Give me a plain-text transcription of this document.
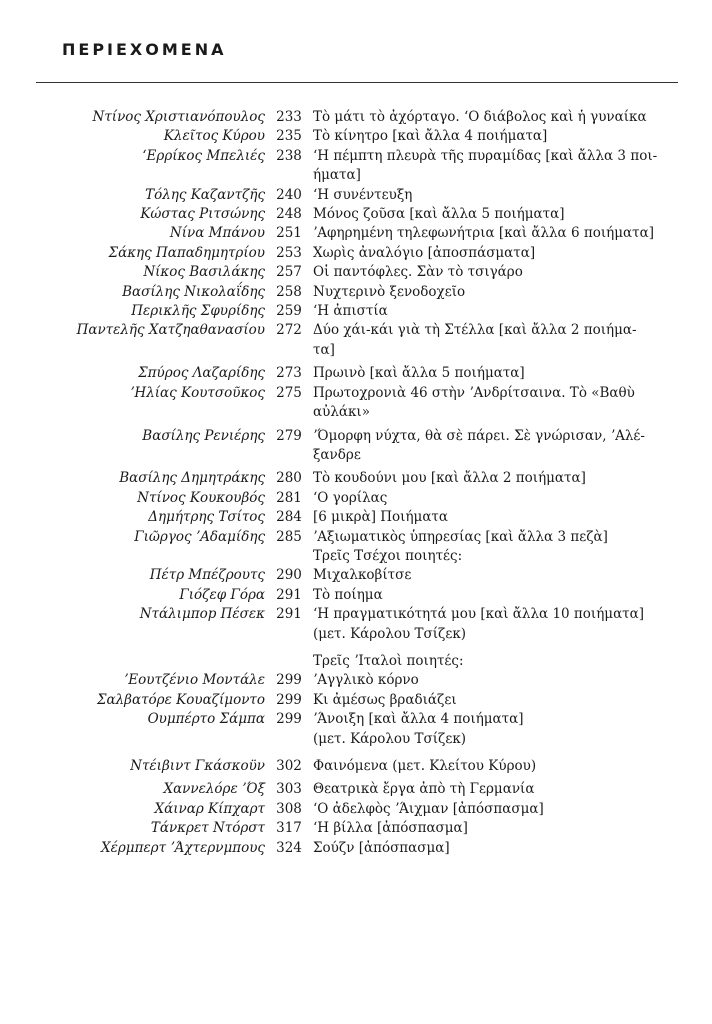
ΠΕΡΙΕΧΟΜΕΝΑ
Ντίνος Χριστιανόπουλος 233 Τὸ μάτι τὸ ἀχόρταγο. ʻΟ διάβολος καὶ ἡ γυναίκα
Κλεῖτος Κύρου 235 Τὸ κίνητρο [καὶ ἄλλα 4 ποιήματα]
ʻΕρρίκος Μπελιές 238 ʻΗ πέμπτη πλευρὰ τῆς πυραμίδας [καὶ ἄλλα 3 ποι-
ήματα]
Τόλης Καζαντζῆς 240 ʻΗ συνέντευξη
Κώστας Ριτσώνης 248 Μόνος ζοῦσα [καὶ ἄλλα 5 ποιήματα]
Νίνα Μπάνου 251 ʼΑφηρημένη τηλεφωνήτρια [καὶ ἄλλα 6 ποιήματα]
Σάκης Παπαδημητρίου 253 Χωρὶς ἀναλόγιο [ἀποσπάσματα]
Νίκος Βασιλάκης 257 Οἱ παντόφλες. Σὰν τὸ τσιγάρο
Βασίλης Νικολαΐδης 258 Νυχτερινὸ ξενοδοχεῖο
Περικλῆς Σφυρίδης 259 ʻΗ ἀπιστία
Παντελῆς Χατζηαθανασίου 272 Δύο χάι-κάι γιὰ τὴ Στέλλα [καὶ ἄλλα 2 ποιήμα-
τα]
Σπύρος Λαζαρίδης 273 Πρωινὸ [καὶ ἄλλα 5 ποιήματα]
ʼΗλίας Κουτσοῦκος 275 Πρωτοχρονιὰ 46 στὴν ʼΑνδρίτσαινα. Τὸ «Βαθὺ
αὐλάκι»
Βασίλης Ρενιέρης 279 ʼΌμορφη νύχτα, θὰ σὲ πάρει. Σὲ γνώρισαν, ʼΑλέ-
ξανδρε
Βασίλης Δημητράκης 280 Τὸ κουδούνι μου [καὶ ἄλλα 2 ποιήματα]
Ντίνος Κουκουβός 281 ʻΟ γορίλας
Δημήτρης Τσίτος 284 [6 μικρὰ] Ποιήματα
Γιῶργος ʼΑδαμίδης 285 ʼΑξιωματικὸς ὑπηρεσίας [καὶ ἄλλα 3 πεζὰ]
Τρεῖς Τσέχοι ποιητές:
Πέτρ Μπέζρουτς 290 Μιχαλκοβίτσε
Γιόζεφ Γόρα 291 Τὸ ποίημα
Ντάλιμποp Πέσεκ 291 ʻΗ πραγματικότητά μου [καὶ ἄλλα 10 ποιήματα]
(μετ. Κάρολου Τσίζεκ)
Τρεῖς ʼΙταλοὶ ποιητές:
ʼΕουτζένιο Μοντάλε 299 ʼΑγγλικὸ κόρνο
Σαλβατόρε Κουαζίμοντο 299 Κι ἀμέσως βραδιάζει
Ουμπέρτο Σάμπα 299 ʼΆνοιξη [καὶ ἄλλα 4 ποιήματα]
(μετ. Κάρολου Τσίζεκ)
Ντέιβιντ Γκάσκοϋν 302 Φαινόμενα (μετ. Κλείτου Κύρου)
Χαννελόρε ʼΌξ 303 Θεατρικὰ ἔργα ἀπὸ τὴ Γερμανία
Χάιναρ Κίπχαρτ 308 ʻΟ ἀδελφὸς ʼΆιχμαν [ἀπόσπασμα]
Τάνκρετ Ντόρστ 317 ʻΗ βίλλα [ἀπόσπασμα]
Χέρμπερτ ʼΆχτερνμπους 324 Σούζν [ἀπόσπασμα]
